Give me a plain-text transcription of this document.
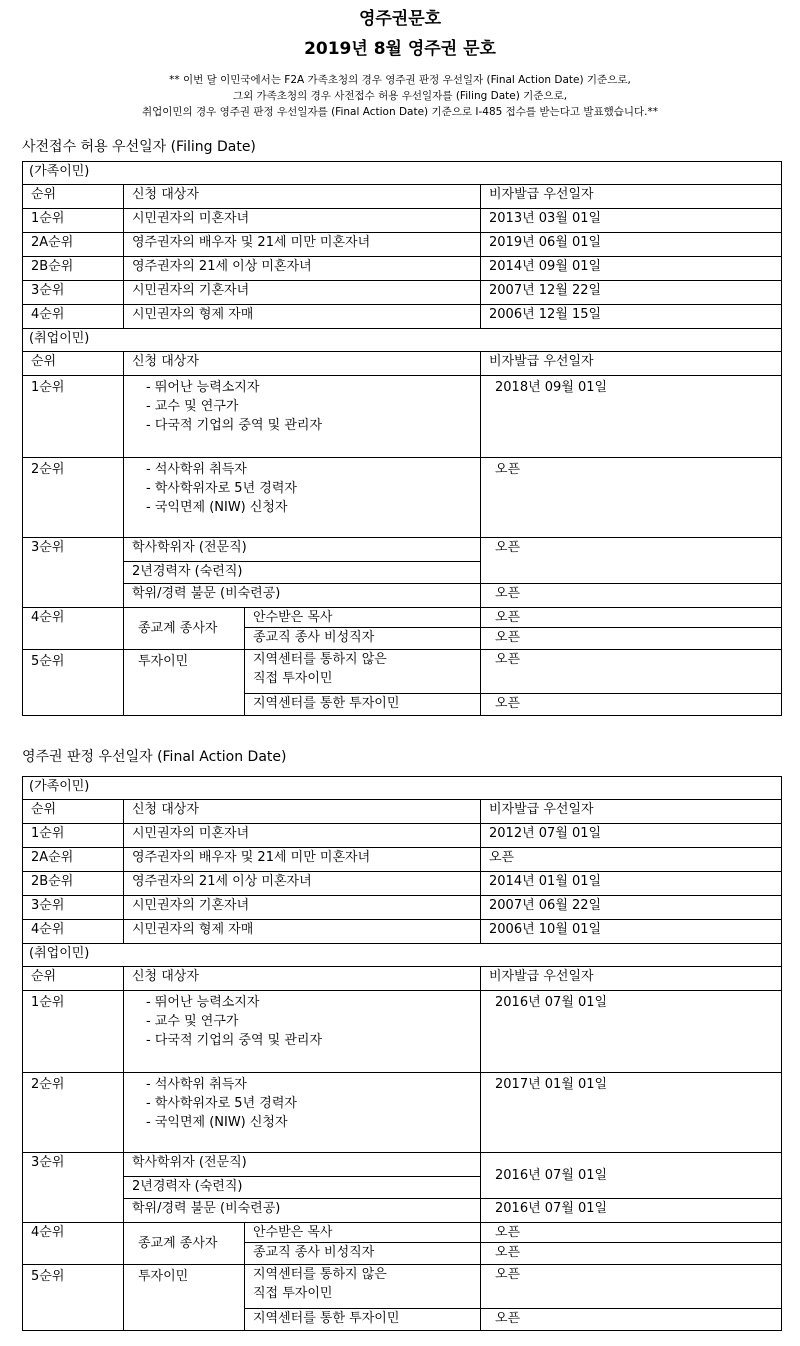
영주권문호
2019년 8월 영주권 문호
** 이번 달 이민국에서는 F2A 가족초청의 경우 영주권 판정 우선일자 (Final Action Date) 기준으로,
그외 가족초청의 경우 사전접수 허용 우선일자를 (Filing Date) 기준으로,
취업이민의 경우 영주권 판정 우선일자를 (Final Action Date) 기준으로 I-485 접수를 받는다고 발표했습니다.**
사전접수 허용 우선일자 (Filing Date)
(가족이민)			
순위	신청 대상자		비자발급 우선일자
1순위	시민권자의 미혼자녀		2013년 03월 01일
2A순위	영주권자의 배우자 및 21세 미만 미혼자녀		2019년 06월 01일
2B순위	영주권자의 21세 이상 미혼자녀		2014년 09월 01일
3순위	시민권자의 기혼자녀		2007년 12월 22일
4순위	시민권자의 형제 자매		2006년 12월 15일
(취업이민)			
순위	신청 대상자		비자발급 우선일자
1순위	- 뛰어난 능력소지자
- 교수 및 연구가
- 다국적 기업의 중역 및 관리자		2018년 09월 01일
2순위	- 석사학위 취득자
- 학사학위자로 5년 경력자
- 국익면제 (NIW) 신청자		오픈
3순위	학사학위자 (전문직)		오픈
	2년경력자 (숙련직)		
	학위/경력 불문 (비숙련공)		오픈
4순위	종교계 종사자	안수받은 목사	오픈
		종교직 종사 비성직자	오픈
5순위	투자이민	지역센터를 통하지 않은
직접 투자이민	오픈
		지역센터를 통한 투자이민	오픈
영주권 판정 우선일자 (Final Action Date)
(가족이민)			
순위	신청 대상자		비자발급 우선일자
1순위	시민권자의 미혼자녀		2012년 07월 01일
2A순위	영주권자의 배우자 및 21세 미만 미혼자녀		오픈
2B순위	영주권자의 21세 이상 미혼자녀		2014년 01월 01일
3순위	시민권자의 기혼자녀		2007년 06월 22일
4순위	시민권자의 형제 자매		2006년 10월 01일
(취업이민)			
순위	신청 대상자		비자발급 우선일자
1순위	- 뛰어난 능력소지자
- 교수 및 연구가
- 다국적 기업의 중역 및 관리자		2016년 07월 01일
2순위	- 석사학위 취득자
- 학사학위자로 5년 경력자
- 국익면제 (NIW) 신청자		2017년 01월 01일
3순위	학사학위자 (전문직)		2016년 07월 01일
	2년경력자 (숙련직)		
	학위/경력 불문 (비숙련공)		2016년 07월 01일
4순위	종교계 종사자	안수받은 목사	오픈
		종교직 종사 비성직자	오픈
5순위	투자이민	지역센터를 통하지 않은
직접 투자이민	오픈
		지역센터를 통한 투자이민	오픈
